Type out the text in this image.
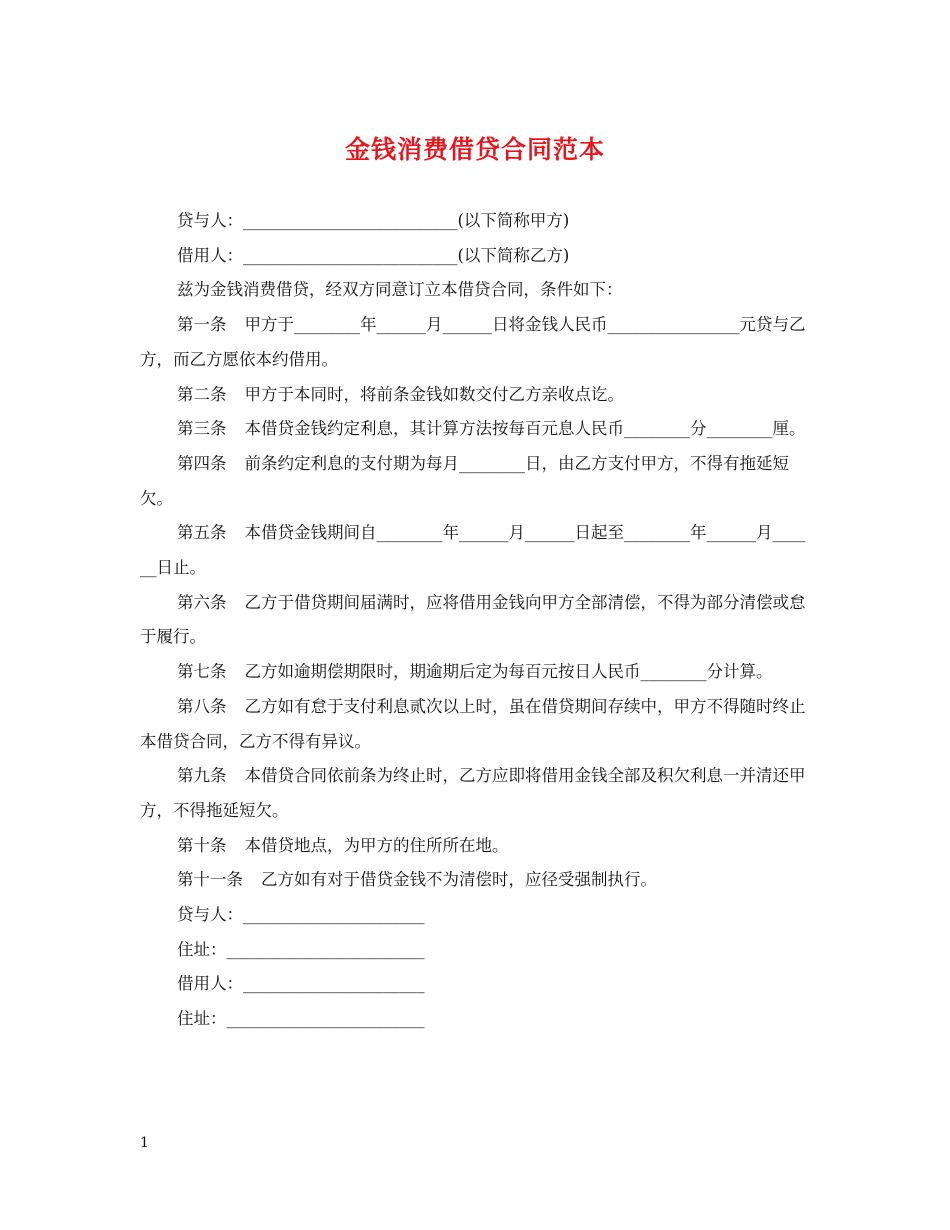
金钱消费借贷合同范本

贷与人：__________________________(以下简称甲方)

借用人：__________________________(以下简称乙方)

兹为金钱消费借贷，经双方同意订立本借贷合同，条件如下：

第一条 甲方于________年______月______日将金钱人民币________________元贷与乙方，而乙方愿依本约借用。

第二条 甲方于本同时，将前条金钱如数交付乙方亲收点讫。

第三条 本借贷金钱约定利息，其计算方法按每百元息人民币________分________厘。

第四条 前条约定利息的支付期为每月________日，由乙方支付甲方，不得有拖延短欠。

第五条 本借贷金钱期间自________年______月______日起至________年______月______日止。

第六条 乙方于借贷期间届满时，应将借用金钱向甲方全部清偿，不得为部分清偿或怠于履行。

第七条 乙方如逾期偿期限时，期逾期后定为每百元按日人民币________分计算。

第八条 乙方如有怠于支付利息贰次以上时，虽在借贷期间存续中，甲方不得随时终止本借贷合同，乙方不得有异议。

第九条 本借贷合同依前条为终止时，乙方应即将借用金钱全部及积欠利息一并清还甲方，不得拖延短欠。

第十条 本借贷地点，为甲方的住所所在地。

第十一条 乙方如有对于借贷金钱不为清偿时，应径受强制执行。

贷与人：______________________

住址：________________________

借用人：______________________

住址：________________________

1
